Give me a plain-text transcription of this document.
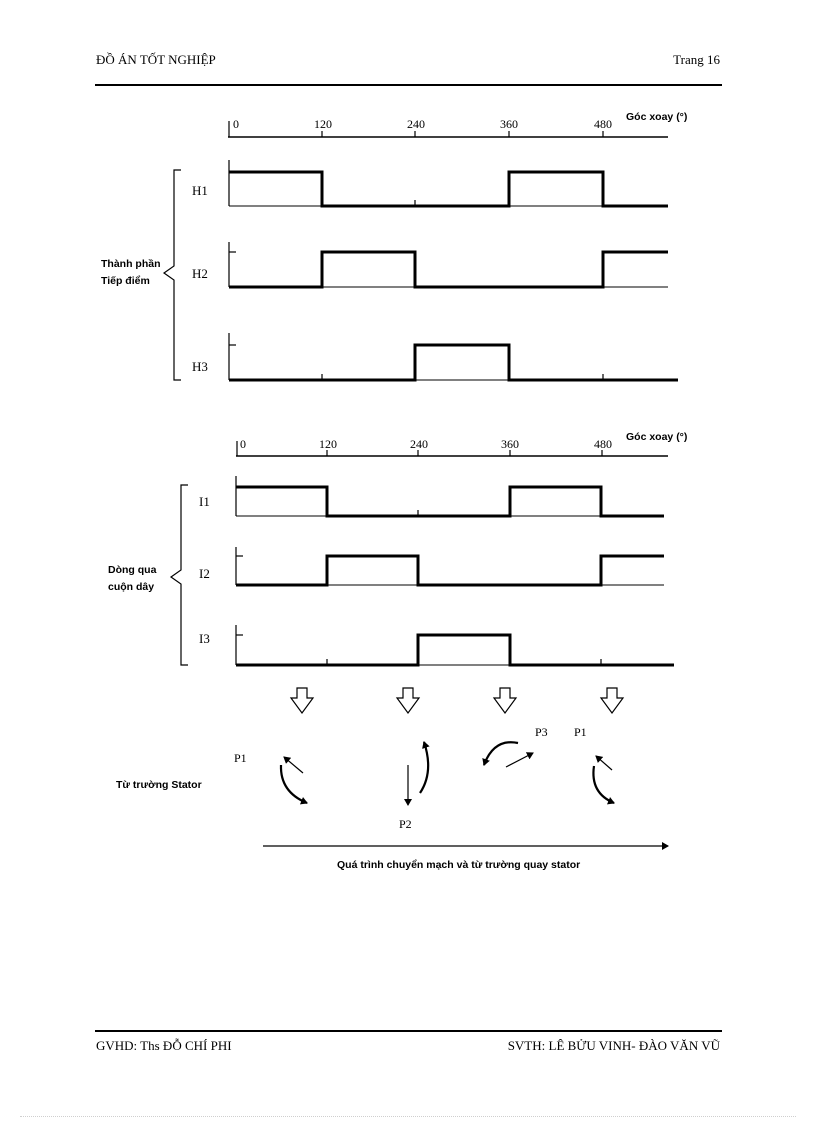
ĐỒ ÁN TỐT NGHIỆP	Trang 16
0	120	240	360	480 Góc xoay (°)
H1
H2
H3
Thành phần
Tiếp điểm
0	120	240	360	480 Góc xoay (°)
I1
I2
I3
Dòng qua
cuộn dây
Từ trường Stator
P1
P2
P3 P1
Quá trình chuyển mạch và từ trường quay stator
GVHD: Ths ĐỖ CHÍ PHI	SVTH: LÊ BỬU VINH- ĐÀO VĂN VŨ
